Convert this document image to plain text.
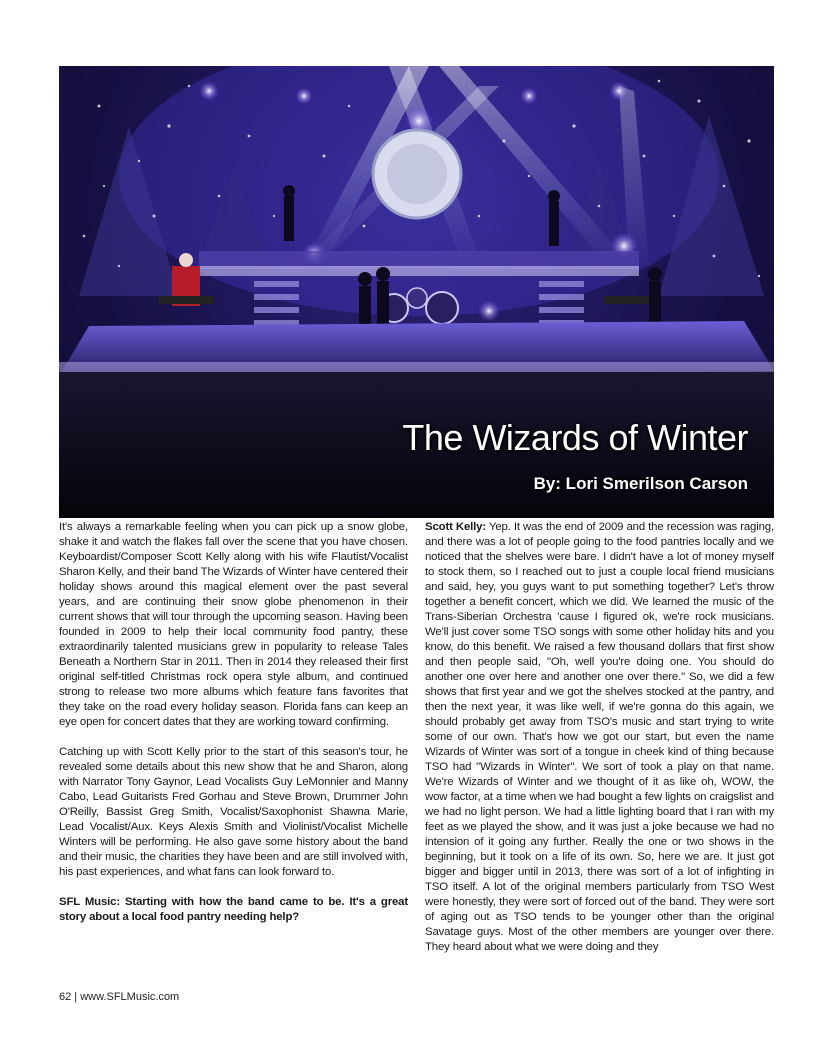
The Wizards of Winter

By: Lori Smerilson Carson

It's always a remarkable feeling when you can pick up a snow globe, shake it and watch the flakes fall over the scene that you have chosen. Keyboardist/Composer Scott Kelly along with his wife Flautist/Vocalist Sharon Kelly, and their band The Wizards of Winter have centered their holiday shows around this magical element over the past several years, and are continuing their snow globe phenomenon in their current shows that will tour through the upcoming season. Having been founded in 2009 to help their local community food pantry, these extraordinarily talented musicians grew in popularity to release Tales Beneath a Northern Star in 2011. Then in 2014 they released their first original self-titled Christmas rock opera style album, and continued strong to release two more albums which feature fans favorites that they take on the road every holiday season. Florida fans can keep an eye open for concert dates that they are working toward confirming.

Catching up with Scott Kelly prior to the start of this season's tour, he revealed some details about this new show that he and Sharon, along with Narrator Tony Gaynor, Lead Vocalists Guy LeMonnier and Manny Cabo, Lead Guitarists Fred Gorhau and Steve Brown, Drummer John O'Reilly, Bassist Greg Smith, Vocalist/Saxophonist Shawna Marie, Lead Vocalist/Aux. Keys Alexis Smith and Violinist/Vocalist Michelle Winters will be performing. He also gave some history about the band and their music, the charities they have been and are still involved with, his past experiences, and what fans can look forward to.

SFL Music: Starting with how the band came to be. It's a great story about a local food pantry needing help?

Scott Kelly: Yep. It was the end of 2009 and the recession was raging, and there was a lot of people going to the food pantries locally and we noticed that the shelves were bare. I didn't have a lot of money myself to stock them, so I reached out to just a couple local friend musicians and said, hey, you guys want to put something together? Let's throw together a benefit concert, which we did. We learned the music of the Trans-Siberian Orchestra 'cause I figured ok, we're rock musicians. We'll just cover some TSO songs with some other holiday hits and you know, do this benefit. We raised a few thousand dollars that first show and then people said, "Oh, well you're doing one. You should do another one over here and another one over there." So, we did a few shows that first year and we got the shelves stocked at the pantry, and then the next year, it was like well, if we're gonna do this again, we should probably get away from TSO's music and start trying to write some of our own. That's how we got our start, but even the name Wizards of Winter was sort of a tongue in cheek kind of thing because TSO had "Wizards in Winter". We sort of took a play on that name. We're Wizards of Winter and we thought of it as like oh, WOW, the wow factor, at a time when we had bought a few lights on craigslist and we had no light person. We had a little lighting board that I ran with my feet as we played the show, and it was just a joke because we had no intension of it going any further. Really the one or two shows in the beginning, but it took on a life of its own. So, here we are. It just got bigger and bigger until in 2013, there was sort of a lot of infighting in TSO itself. A lot of the original members particularly from TSO West were honestly, they were sort of forced out of the band. They were sort of aging out as TSO tends to be younger other than the original Savatage guys. Most of the other members are younger over there. They heard about what we were doing and they

62 | www.SFLMusic.com
